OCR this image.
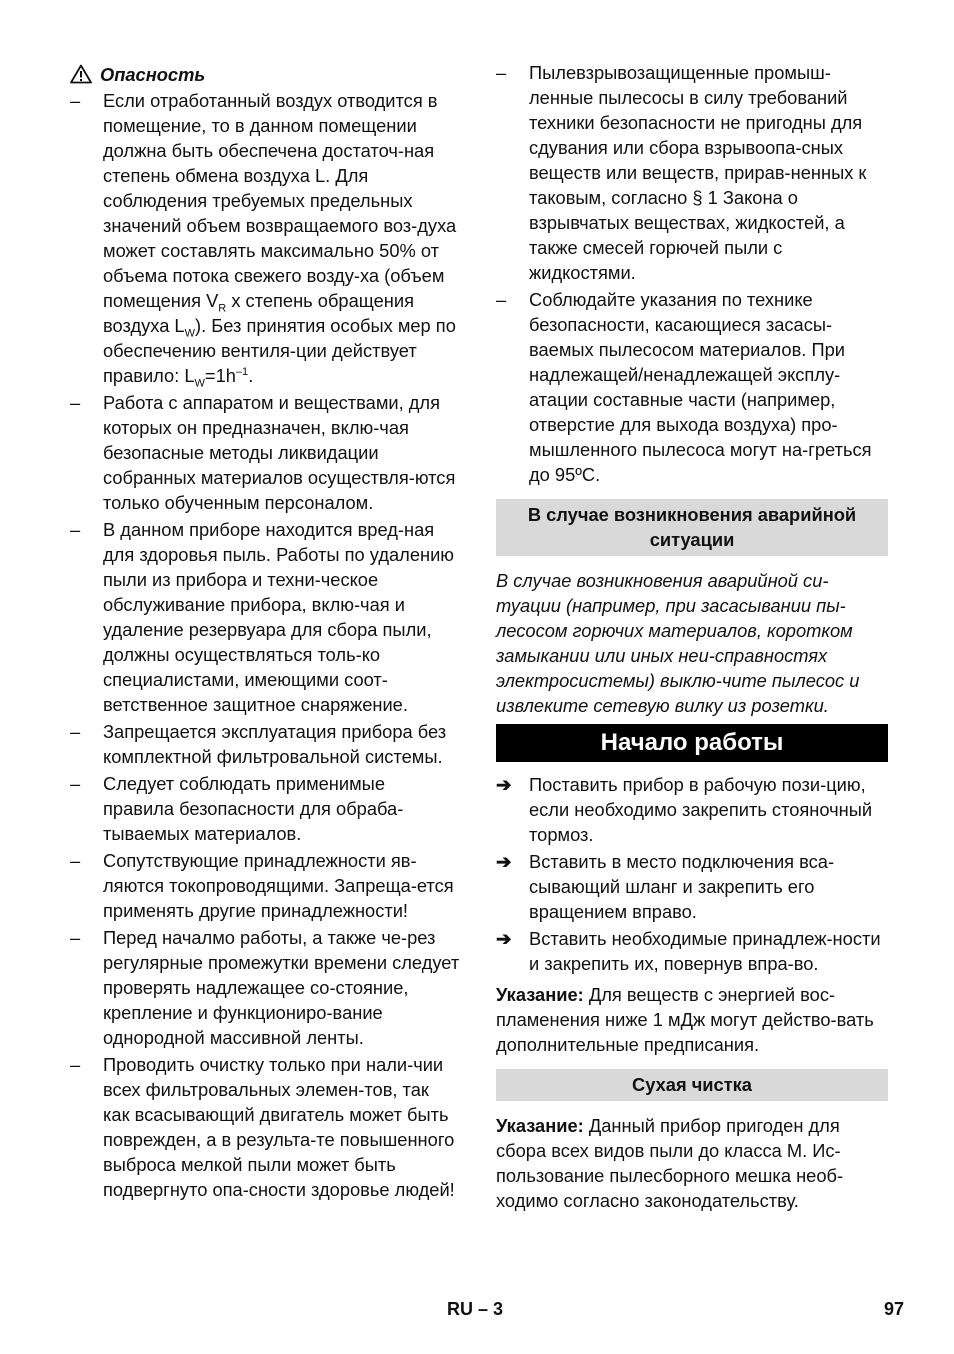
Опасность
– Если отработанный воздух отводится в помещение, то в данном помещении должна быть обеспечена достаточ-ная степень обмена воздуха L. Для соблюдения требуемых предельных значений объем возвращаемого воз-духа может составлять максимально 50% от объема потока свежего возду-ха (объем помещения $V_R$ x степень обращения воздуха $L_W$). Без принятия особых мер по обеспечению вентиля-ции действует правило: $L_W=1h^{-1}$.
– Работа с аппаратом и веществами, для которых он предназначен, вклю-чая безопасные методы ликвидации собранных материалов осуществля-ются только обученным персоналом.
– В данном приборе находится вред-ная для здоровья пыль. Работы по удалению пыли из прибора и техни-ческое обслуживание прибора, вклю-чая и удаление резервуара для сбора пыли, должны осуществляться толь-ко специалистами, имеющими соот-ветственное защитное снаряжение.
– Запрещается эксплуатация прибора без комплектной фильтровальной системы.
– Следует соблюдать применимые правила безопасности для обраба-тываемых материалов.
– Сопутствующие принадлежности яв-ляются токопроводящими. Запреща-ется применять другие принадлежности!
– Перед началмо работы, а также че-рез регулярные промежутки времени следует проверять надлежащее со-стояние, крепление и функциониро-вание однородной массивной ленты.
– Проводить очистку только при нали-чии всех фильтровальных элемен-тов, так как всасывающий двигатель может быть поврежден, а в результа-те повышенного выброса мелкой пыли может быть подвергнуто опа-сности здоровье людей!
– Пылевзрывозащищенные промыш-ленные пылесосы в силу требований техники безопасности не пригодны для сдувания или сбора взрывоопа-сных веществ или веществ, прирав-ненных к таковым, согласно § 1 Закона о взрывчатых веществах, жидкостей, а также смесей горючей пыли с жидкостями.
– Соблюдайте указания по технике безопасности, касающиеся засасы-ваемых пылесосом материалов. При надлежащей/ненадлежащей эксплу-атации составные части (например, отверстие для выхода воздуха) про-мышленного пылесоса могут на-греться до 95ºC.
В случае возникновения аварийной ситуации
В случае возникновения аварийной си-туации (например, при засасывании пы-лесосом горючих материалов, коротком замыкании или иных неи-справностях электросистемы) выклю-чите пылесос и извлеките сетевую вилку из розетки.
Начало работы
➔ Поставить прибор в рабочую пози-цию, если необходимо закрепить стояночный тормоз.
➔ Вставить в место подключения вса-сывающий шланг и закрепить его вращением вправо.
➔ Вставить необходимые принадлеж-ности и закрепить их, повернув впра-во.
Указание: Для веществ с энергией вос-пламенения ниже 1 мДж могут действо-вать дополнительные предписания.
Сухая чистка
Указание: Данный прибор пригоден для сбора всех видов пыли до класса M. Ис-пользование пылесборного мешка необ-ходимо согласно законодательству.
RU – 3	97
